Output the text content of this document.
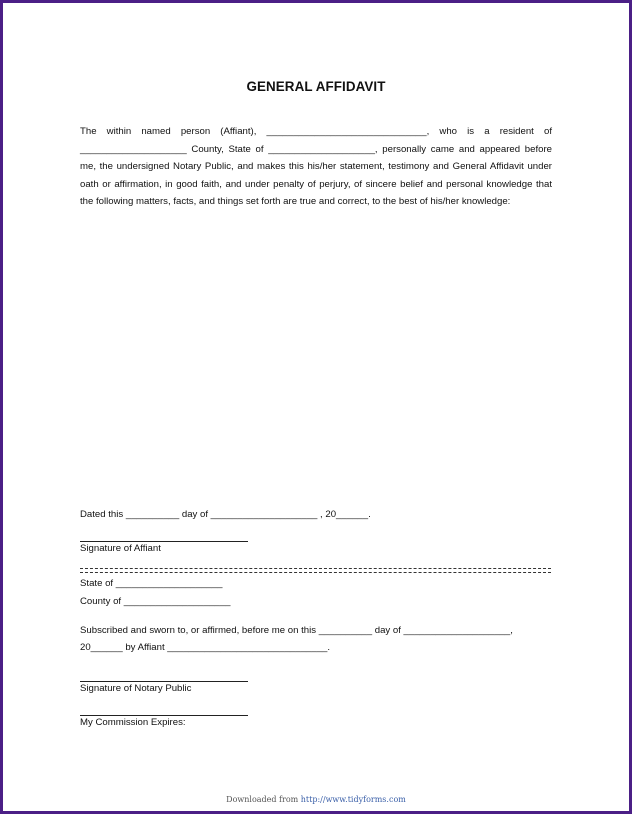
GENERAL AFFIDAVIT

The within named person (Affiant), ______________________________, who is a resident of ____________________ County, State of ____________________, personally came and appeared before me, the undersigned Notary Public, and makes this his/her statement, testimony and General Affidavit under oath or affirmation, in good faith, and under penalty of perjury, of sincere belief and personal knowledge that the following matters, facts, and things set forth are true and correct, to the best of his/her knowledge:

Dated this __________ day of ____________________ , 20______.
Signature of Affiant
State of ____________________
County of ____________________
Subscribed and sworn to, or affirmed, before me on this __________ day of ____________________,
20______ by Affiant ______________________________.
Signature of Notary Public
My Commission Expires:
Downloaded from http://www.tidyforms.com
